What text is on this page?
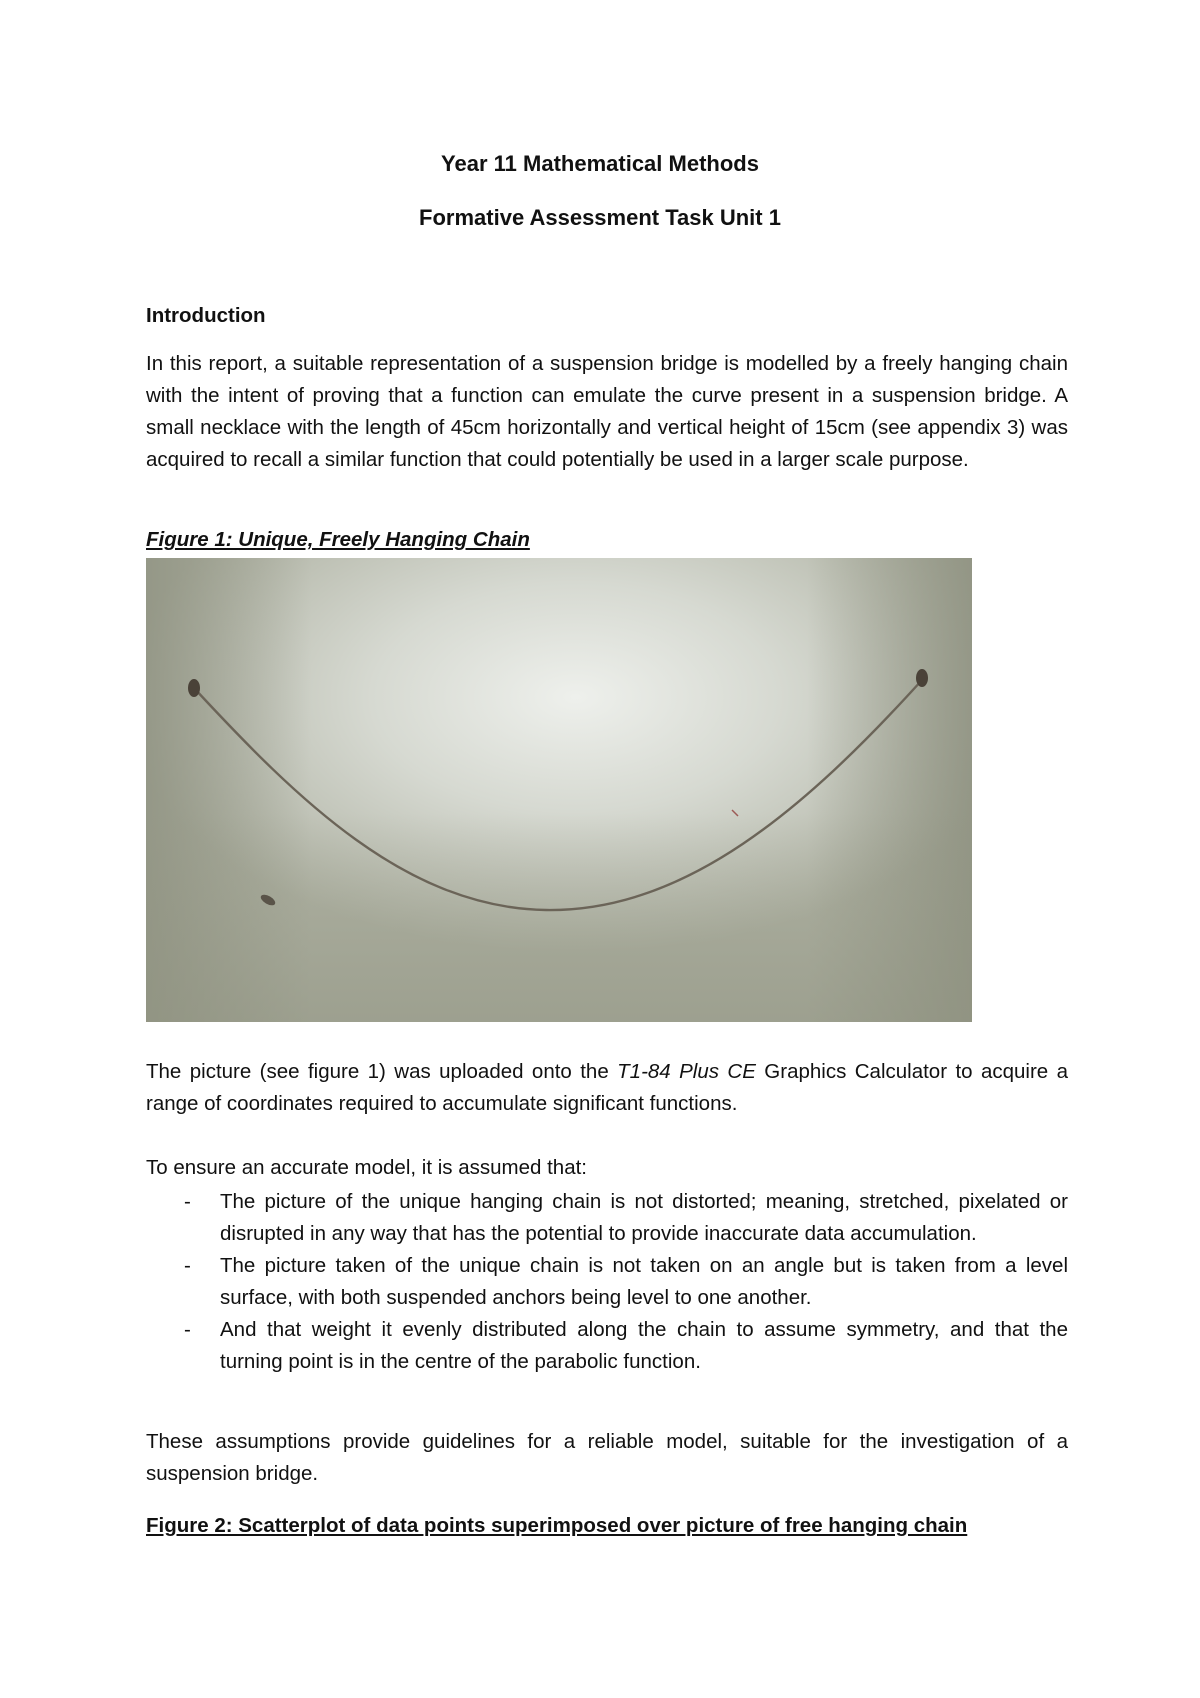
Year 11 Mathematical Methods

Formative Assessment Task Unit 1

Introduction

In this report, a suitable representation of a suspension bridge is modelled by a freely hanging chain with the intent of proving that a function can emulate the curve present in a suspension bridge. A small necklace with the length of 45cm horizontally and vertical height of 15cm (see appendix 3) was acquired to recall a similar function that could potentially be used in a larger scale purpose.

Figure 1: Unique, Freely Hanging Chain

The picture (see figure 1) was uploaded onto the T1-84 Plus CE Graphics Calculator to acquire a range of coordinates required to accumulate significant functions.

To ensure an accurate model, it is assumed that:

- The picture of the unique hanging chain is not distorted; meaning, stretched, pixelated or disrupted in any way that has the potential to provide inaccurate data accumulation.
- The picture taken of the unique chain is not taken on an angle but is taken from a level surface, with both suspended anchors being level to one another.
- And that weight it evenly distributed along the chain to assume symmetry, and that the turning point is in the centre of the parabolic function.

These assumptions provide guidelines for a reliable model, suitable for the investigation of a suspension bridge.

Figure 2: Scatterplot of data points superimposed over picture of free hanging chain
